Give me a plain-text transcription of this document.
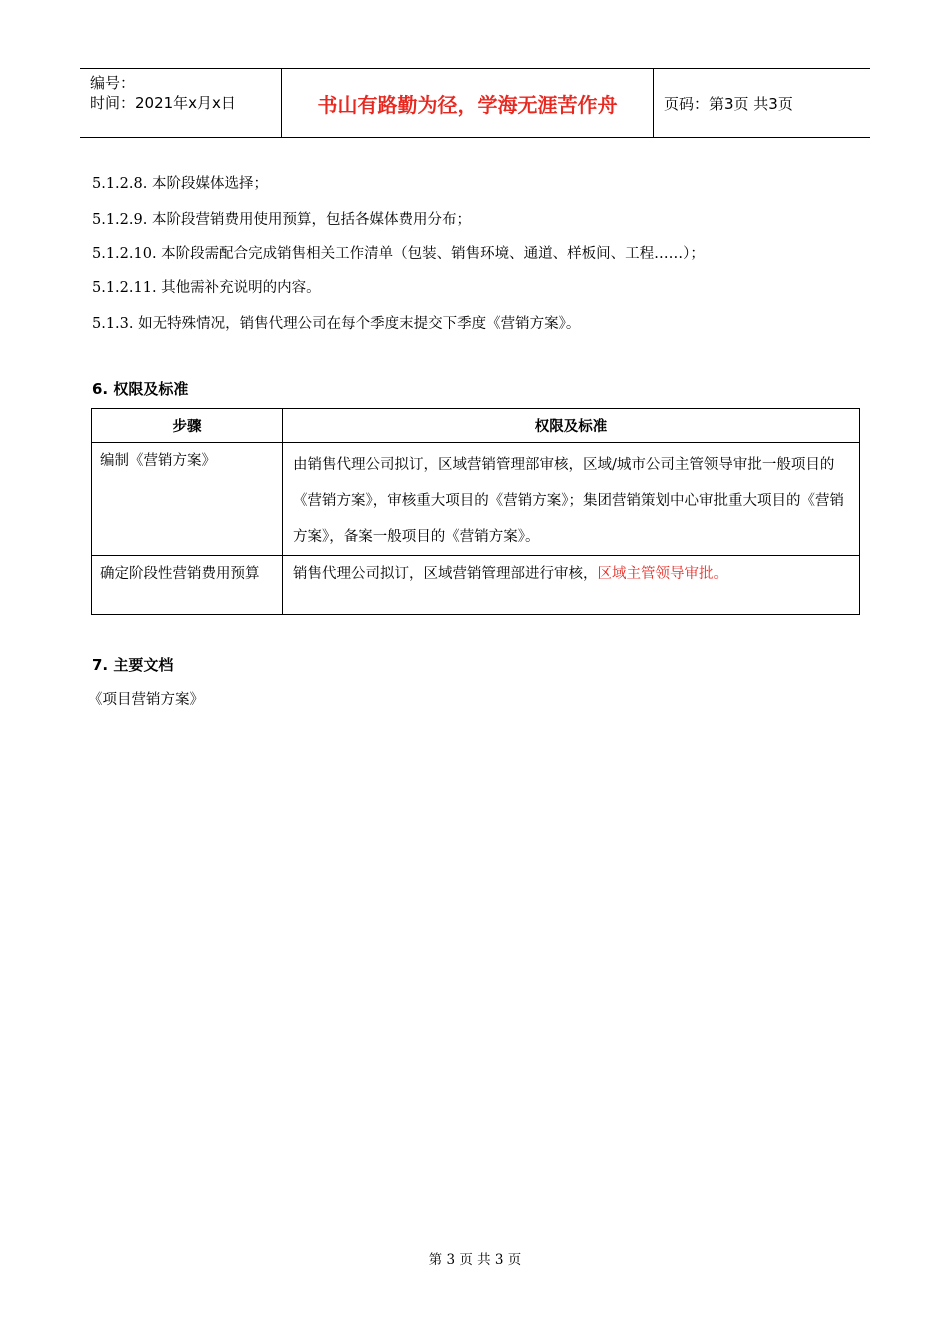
编号：
时间：2021年x月x日	书山有路勤为径，学海无涯苦作舟	页码：第3页 共3页
5.1.2.8. 本阶段媒体选择；
5.1.2.9. 本阶段营销费用使用预算，包括各媒体费用分布；
5.1.2.10. 本阶段需配合完成销售相关工作清单（包装、销售环境、通道、样板间、工程……）；
5.1.2.11. 其他需补充说明的内容。
5.1.3. 如无特殊情况，销售代理公司在每个季度末提交下季度《营销方案》。
6. 权限及标准
步骤	权限及标准
编制《营销方案》	由销售代理公司拟订，区域营销管理部审核，区域/城市公司主管领导审批一般项目的《营销方案》，审核重大项目的《营销方案》；集团营销策划中心审批重大项目的《营销方案》，备案一般项目的《营销方案》。
确定阶段性营销费用预算	销售代理公司拟订，区域营销管理部进行审核，区域主管领导审批。
7. 主要文档
《项目营销方案》
第 3 页 共 3 页
